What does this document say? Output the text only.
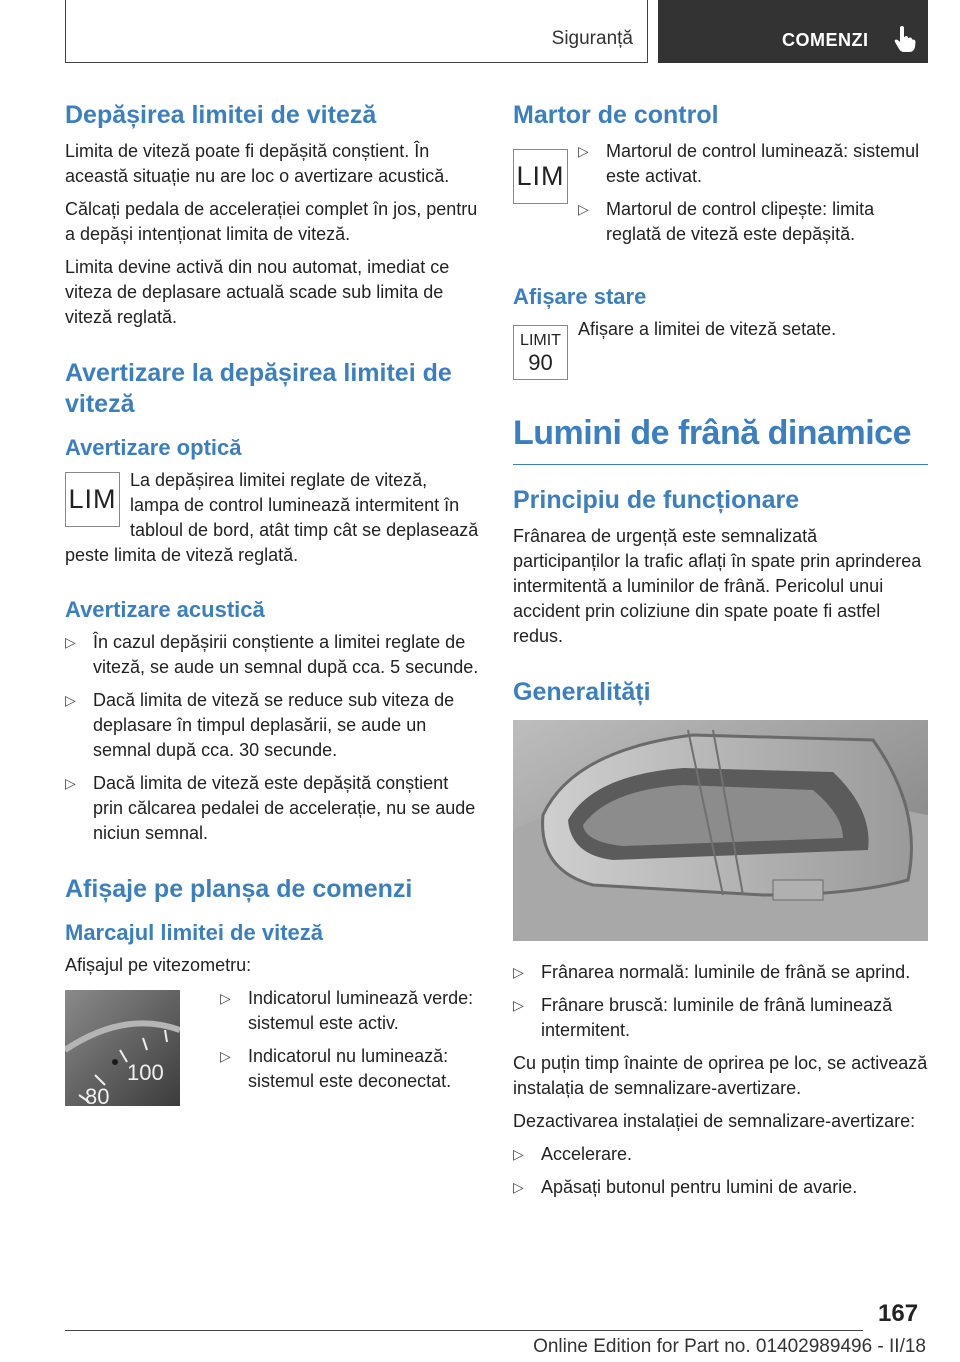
Siguranță	COMENZI
Depășirea limitei de viteză

Limita de viteză poate fi depășită conștient. În această situație nu are loc o avertizare acustică.

Călcați pedala de accelerației complet în jos, pentru a depăși intenționat limita de viteză.

Limita devine activă din nou automat, imediat ce viteza de deplasare actuală scade sub limita de viteză reglată.

Avertizare la depășirea limitei de viteză
Avertizare optică
LIM

La depășirea limitei reglate de viteză, lampa de control luminează intermitent în tabloul de bord, atât timp cât se deplasează peste limita de viteză reglată.

Avertizare acustică
▷ În cazul depășirii conștiente a limitei reglate de viteză, se aude un semnal după cca. 5 secunde.
▷ Dacă limita de viteză se reduce sub viteza de deplasare în timpul deplasării, se aude un semnal după cca. 30 secunde.
▷ Dacă limita de viteză este depășită conștient prin călcarea pedalei de accelerație, nu se aude niciun semnal.
Afișaje pe planșa de comenzi
Marcajul limitei de viteză

Afișajul pe vitezometru:

100
80
▷ Indicatorul luminează verde: sistemul este activ.
▷ Indicatorul nu luminează: sistemul este deconectat.
Martor de control
LIM
▷ Martorul de control luminează: sistemul este activat.
▷ Martorul de control clipește: limita reglată de viteză este depășită.
Afișare stare
LIMIT
90

Afișare a limitei de viteză setate.

Lumini de frână dinamice
Principiu de funcționare

Frânarea de urgență este semnalizată participanților la trafic aflați în spate prin aprinderea intermitentă a luminilor de frână. Pericolul unui accident prin coliziune din spate poate fi astfel redus.

Generalități
▷ Frânarea normală: luminile de frână se aprind.
▷ Frânare bruscă: luminile de frână luminează intermitent.

Cu puțin timp înainte de oprirea pe loc, se activează instalația de semnalizare-avertizare.

Dezactivarea instalației de semnalizare-avertizare:

▷ Accelerare.
▷ Apăsați butonul pentru lumini de avarie.
167
Online Edition for Part no. 01402989496 - II/18
